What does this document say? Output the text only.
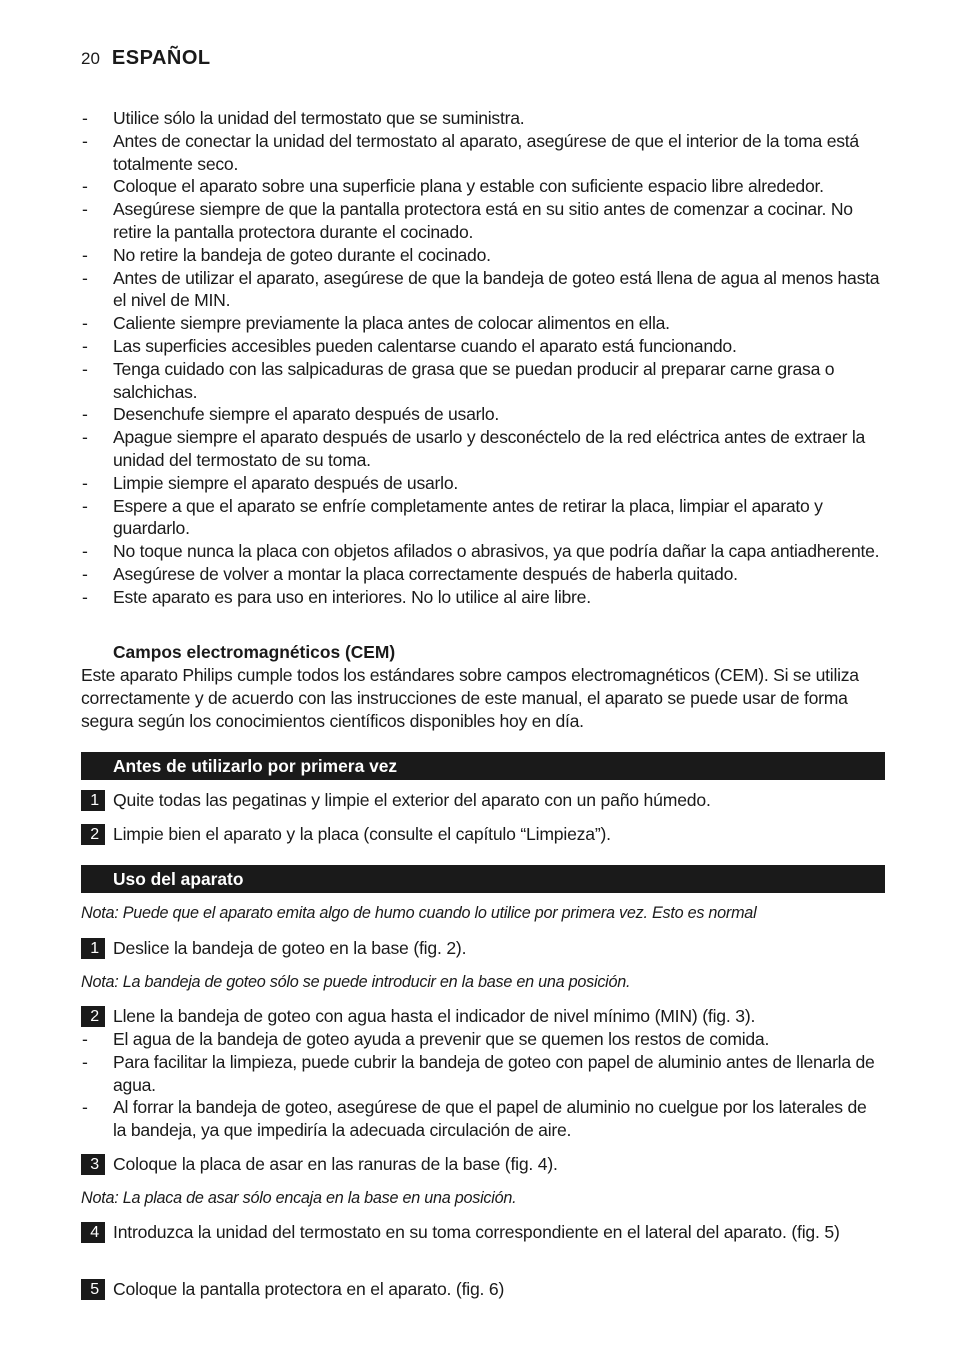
20 ESPAÑOL
- Utilice sólo la unidad del termostato que se suministra.
- Antes de conectar la unidad del termostato al aparato, asegúrese de que el interior de la toma está totalmente seco.
- Coloque el aparato sobre una superficie plana y estable con suficiente espacio libre alrededor.
- Asegúrese siempre de que la pantalla protectora está en su sitio antes de comenzar a cocinar. No retire la pantalla protectora durante el cocinado.
- No retire la bandeja de goteo durante el cocinado.
- Antes de utilizar el aparato, asegúrese de que la bandeja de goteo está llena de agua al menos hasta el nivel de MIN.
- Caliente siempre previamente la placa antes de colocar alimentos en ella.
- Las superficies accesibles pueden calentarse cuando el aparato está funcionando.
- Tenga cuidado con las salpicaduras de grasa que se puedan producir al preparar carne grasa o salchichas.
- Desenchufe siempre el aparato después de usarlo.
- Apague siempre el aparato después de usarlo y desconéctelo de la red eléctrica antes de extraer la unidad del termostato de su toma.
- Limpie siempre el aparato después de usarlo.
- Espere a que el aparato se enfríe completamente antes de retirar la placa, limpiar el aparato y guardarlo.
- No toque nunca la placa con objetos afilados o abrasivos, ya que podría dañar la capa antiadherente.
- Asegúrese de volver a montar la placa correctamente después de haberla quitado.
- Este aparato es para uso en interiores. No lo utilice al aire libre.
Campos electromagnéticos (CEM)

Este aparato Philips cumple todos los estándares sobre campos electromagnéticos (CEM). Si se utiliza correctamente y de acuerdo con las instrucciones de este manual, el aparato se puede usar de forma segura según los conocimientos científicos disponibles hoy en día.

Antes de utilizarlo por primera vez
1 Quite todas las pegatinas y limpie el exterior del aparato con un paño húmedo.
2 Limpie bien el aparato y la placa (consulte el capítulo “Limpieza”).
Uso del aparato
Nota: Puede que el aparato emita algo de humo cuando lo utilice por primera vez. Esto es normal
1 Deslice la bandeja de goteo en la base (fig. 2).
Nota: La bandeja de goteo sólo se puede introducir en la base en una posición.
2 Llene la bandeja de goteo con agua hasta el indicador de nivel mínimo (MIN) (fig. 3).
- El agua de la bandeja de goteo ayuda a prevenir que se quemen los restos de comida.
- Para facilitar la limpieza, puede cubrir la bandeja de goteo con papel de aluminio antes de llenarla de agua.
- Al forrar la bandeja de goteo, asegúrese de que el papel de aluminio no cuelgue por los laterales de la bandeja, ya que impediría la adecuada circulación de aire.
3 Coloque la placa de asar en las ranuras de la base (fig. 4).
Nota: La placa de asar sólo encaja en la base en una posición.
4 Introduzca la unidad del termostato en su toma correspondiente en el lateral del aparato. (fig. 5)
5 Coloque la pantalla protectora en el aparato. (fig. 6)
